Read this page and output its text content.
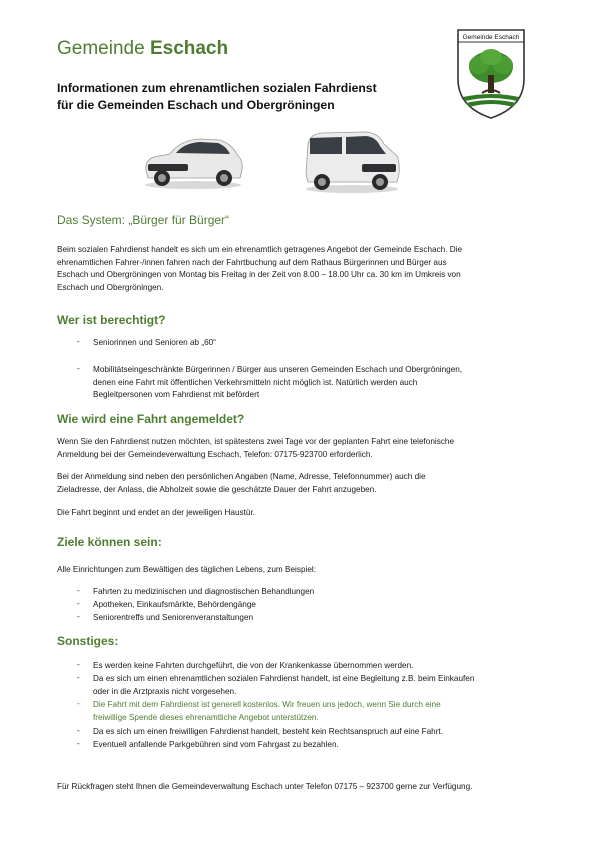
Gemeinde Eschach
Informationen zum ehrenamtlichen sozialen Fahrdienst
für die Gemeinden Eschach und Obergröningen
Gemeinde Eschach
Das System: „Bürger für Bürger“
Beim sozialen Fahrdienst handelt es sich um ein ehrenamtlich getragenes Angebot der Gemeinde Eschach. Die
ehrenamtlichen Fahrer-/innen fahren nach der Fahrtbuchung auf dem Rathaus Bürgerinnen und Bürger aus
Eschach und Obergröningen von Montag bis Freitag in der Zeit von 8.00 – 18.00 Uhr ca. 30 km im Umkreis von
Eschach und Obergröningen.
Wer ist berechtigt?
- Seniorinnen und Senioren ab „60“
- Mobilitätseingeschränkte Bürgerinnen / Bürger aus unseren Gemeinden Eschach und Obergröningen,
denen eine Fahrt mit öffentlichen Verkehrsmitteln nicht möglich ist. Natürlich werden auch
Begleitpersonen vom Fahrdienst mit befördert
Wie wird eine Fahrt angemeldet?
Wenn Sie den Fahrdienst nutzen möchten, ist spätestens zwei Tage vor der geplanten Fahrt eine telefonische
Anmeldung bei der Gemeindeverwaltung Eschach, Telefon: 07175-923700 erforderlich.
Bei der Anmeldung sind neben den persönlichen Angaben (Name, Adresse, Telefonnummer) auch die
Zieladresse, der Anlass, die Abholzeit sowie die geschätzte Dauer der Fahrt anzugeben.
Die Fahrt beginnt und endet an der jeweiligen Haustür.
Ziele können sein:
Alle Einrichtungen zum Bewältigen des täglichen Lebens, zum Beispiel:
- Fahrten zu medizinischen und diagnostischen Behandlungen
- Apotheken, Einkaufsmärkte, Behördengänge
- Seniorentreffs und Seniorenveranstaltungen
Sonstiges:
- Es werden keine Fahrten durchgeführt, die von der Krankenkasse übernommen werden.
- Da es sich um einen ehrenamtlichen sozialen Fahrdienst handelt, ist eine Begleitung z.B. beim Einkaufen
oder in die Arztpraxis nicht vorgesehen.
- Die Fahrt mit dem Fahrdienst ist generell kostenlos. Wir freuen uns jedoch, wenn Sie durch eine
freiwillige Spende dieses ehrenamtliche Angebot unterstützen.
- Da es sich um einen freiwilligen Fahrdienst handelt, besteht kein Rechtsanspruch auf eine Fahrt.
- Eventuell anfallende Parkgebühren sind vom Fahrgast zu bezahlen.
Für Rückfragen steht Ihnen die Gemeindeverwaltung Eschach unter Telefon 07175 – 923700 gerne zur Verfügung.
